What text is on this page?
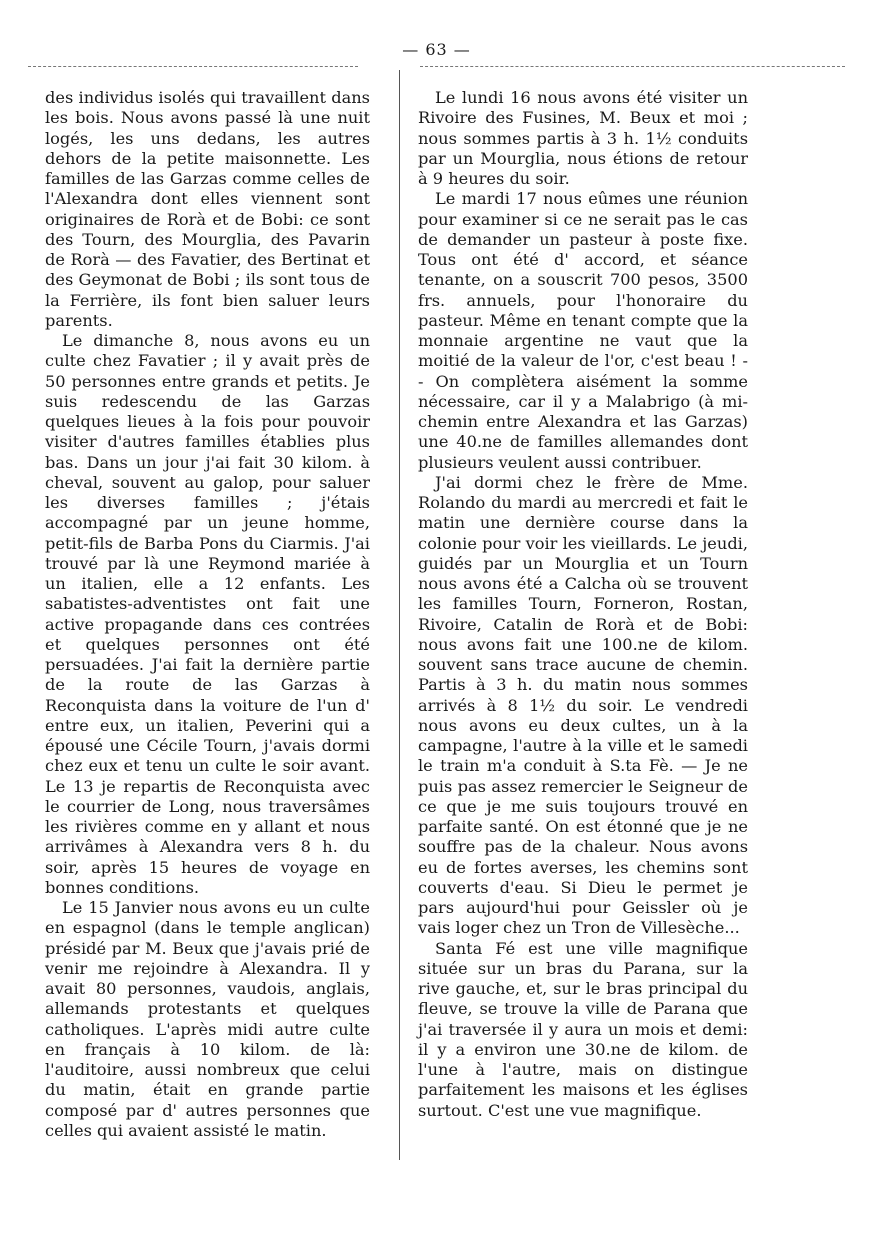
— 63 —

des individus isolés qui travaillent dans les bois. Nous avons passé là une nuit logés, les uns dedans, les autres dehors de la petite maisonnette. Les familles de las Garzas comme celles de l'Alexandra dont elles viennent sont originaires de Rorà et de Bobi: ce sont des Tourn, des Mourglia, des Pavarin de Rorà — des Favatier, des Bertinat et des Geymonat de Bobi ; ils sont tous de la Ferrière, ils font bien saluer leurs parents.

Le dimanche 8, nous avons eu un culte chez Favatier ; il y avait près de 50 personnes entre grands et petits. Je suis redescendu de las Garzas quelques lieues à la fois pour pouvoir visiter d'autres familles établies plus bas. Dans un jour j'ai fait 30 kilom. à cheval, souvent au galop, pour saluer les diverses familles ; j'étais accompagné par un jeune homme, petit-fils de Barba Pons du Ciarmis. J'ai trouvé par là une Reymond mariée à un italien, elle a 12 enfants. Les sabatistes-adventistes ont fait une active propagande dans ces contrées et quelques personnes ont été persuadées. J'ai fait la dernière partie de la route de las Garzas à Reconquista dans la voiture de l'un d' entre eux, un italien, Peverini qui a épousé une Cécile Tourn, j'avais dormi chez eux et tenu un culte le soir avant. Le 13 je repartis de Reconquista avec le courrier de Long, nous traversâmes les rivières comme en y allant et nous arrivâmes à Alexandra vers 8 h. du soir, après 15 heures de voyage en bonnes conditions.

Le 15 Janvier nous avons eu un culte en espagnol (dans le temple anglican) présidé par M. Beux que j'avais prié de venir me rejoindre à Alexandra. Il y avait 80 personnes, vaudois, anglais, allemands protestants et quelques catholiques. L'après midi autre culte en français à 10 kilom. de là: l'auditoire, aussi nombreux que celui du matin, était en grande partie composé par d' autres personnes que celles qui avaient assisté le matin.

Le lundi 16 nous avons été visiter un Rivoire des Fusines, M. Beux et moi ; nous sommes partis à 3 h. 1½ conduits par un Mourglia, nous étions de retour à 9 heures du soir.

Le mardi 17 nous eûmes une réunion pour examiner si ce ne serait pas le cas de demander un pasteur à poste fixe. Tous ont été d' accord, et séance tenante, on a souscrit 700 pesos, 3500 frs. annuels, pour l'honoraire du pasteur. Même en tenant compte que la monnaie argentine ne vaut que la moitié de la valeur de l'or, c'est beau ! -- On complètera aisément la somme nécessaire, car il y a Malabrigo (à mi-chemin entre Alexandra et las Garzas) une 40.ne de familles allemandes dont plusieurs veulent aussi contribuer.

J'ai dormi chez le frère de Mme. Rolando du mardi au mercredi et fait le matin une dernière course dans la colonie pour voir les vieillards. Le jeudi, guidés par un Mourglia et un Tourn nous avons été a Calcha où se trouvent les familles Tourn, Forneron, Rostan, Rivoire, Catalin de Rorà et de Bobi: nous avons fait une 100.ne de kilom. souvent sans trace aucune de chemin. Partis à 3 h. du matin nous sommes arrivés à 8 1½ du soir. Le vendredi nous avons eu deux cultes, un à la campagne, l'autre à la ville et le samedi le train m'a conduit à S.ta Fè. — Je ne puis pas assez remercier le Seigneur de ce que je me suis toujours trouvé en parfaite santé. On est étonné que je ne souffre pas de la chaleur. Nous avons eu de fortes averses, les chemins sont couverts d'eau. Si Dieu le permet je pars aujourd'hui pour Geissler où je vais loger chez un Tron de Villesèche...

Santa Fé est une ville magnifique située sur un bras du Parana, sur la rive gauche, et, sur le bras principal du fleuve, se trouve la ville de Parana que j'ai traversée il y aura un mois et demi: il y a environ une 30.ne de kilom. de l'une à l'autre, mais on distingue parfaitement les maisons et les églises surtout. C'est une vue magnifique.
